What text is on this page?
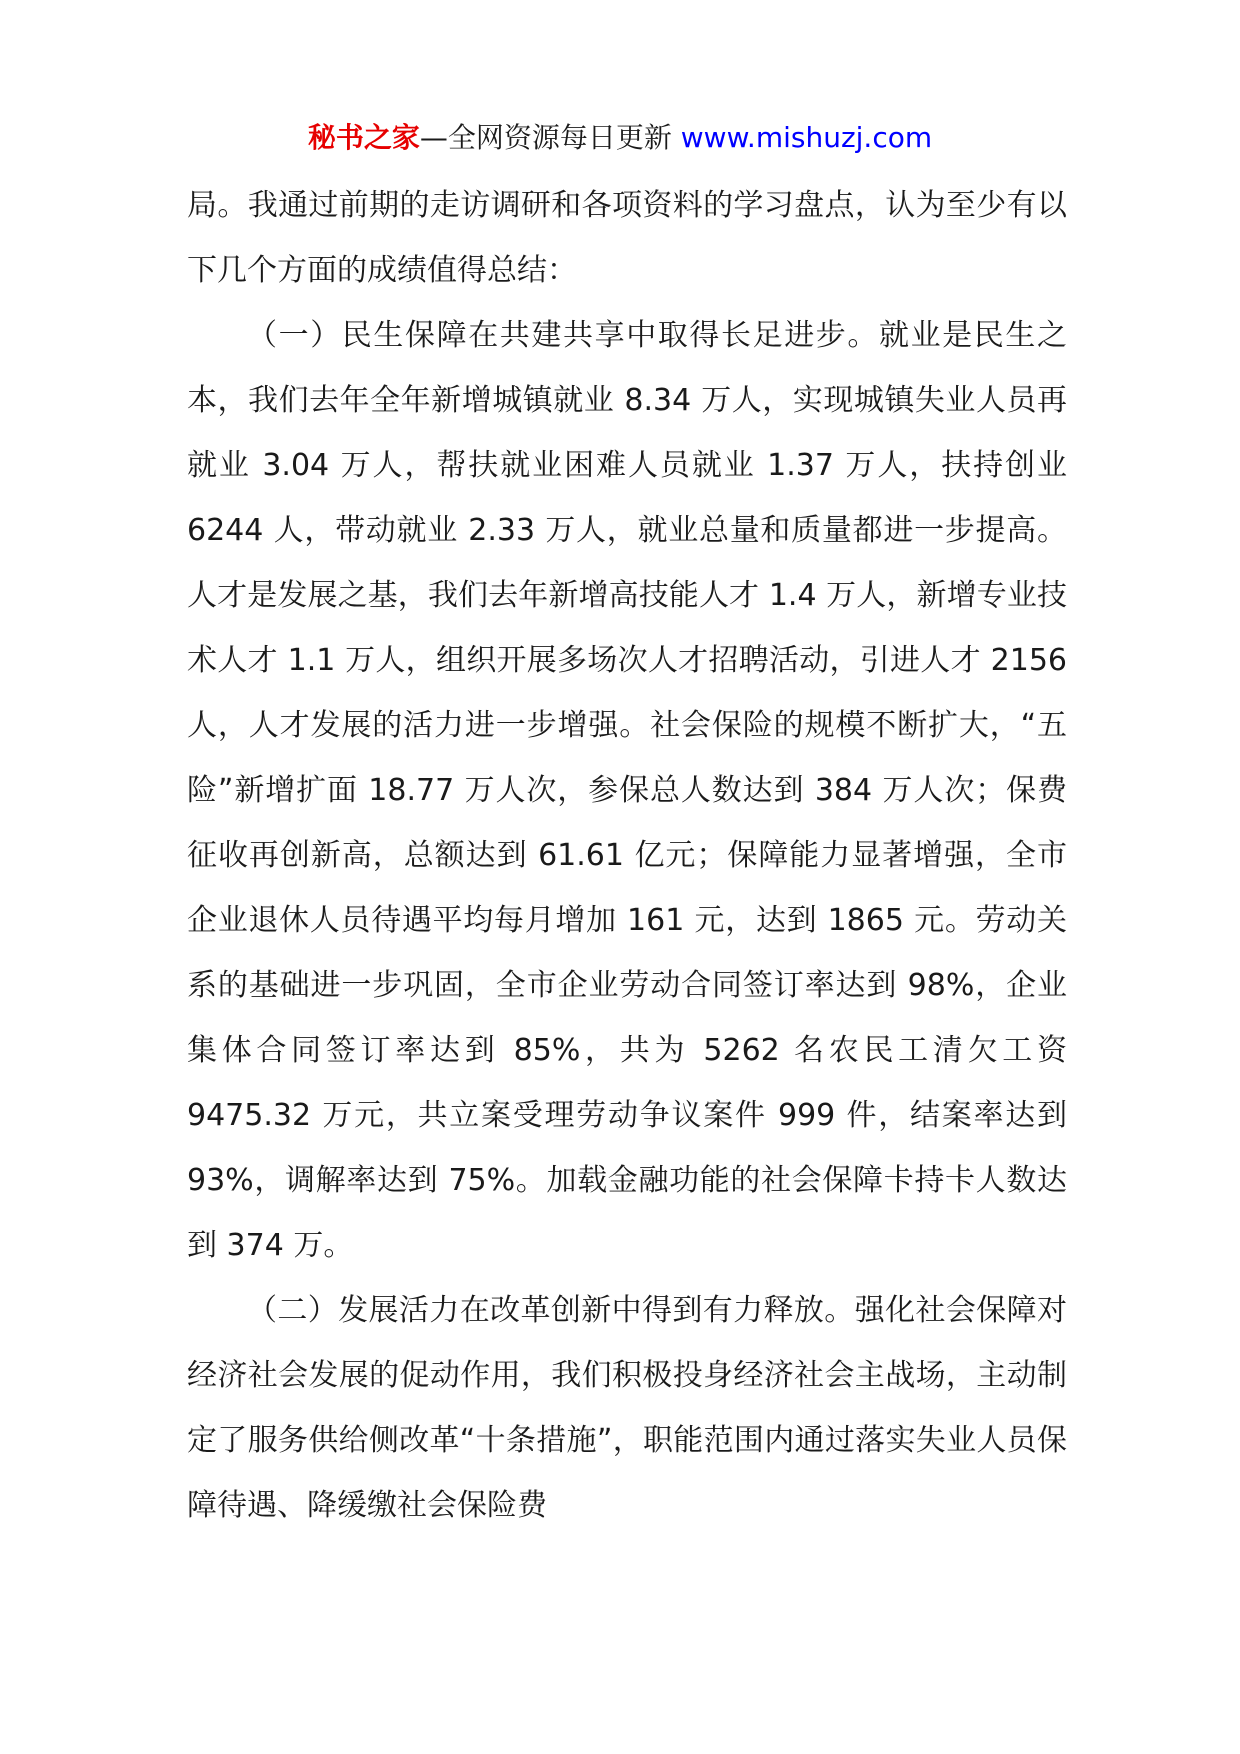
秘书之家—全网资源每日更新 www.mishuzj.com

局。我通过前期的走访调研和各项资料的学习盘点，认为至少有以下几个方面的成绩值得总结：

（一）民生保障在共建共享中取得长足进步。就业是民生之本，我们去年全年新增城镇就业 8.34 万人，实现城镇失业人员再就业 3.04 万人，帮扶就业困难人员就业 1.37 万人，扶持创业 6244 人，带动就业 2.33 万人，就业总量和质量都进一步提高。人才是发展之基，我们去年新增高技能人才 1.4 万人，新增专业技术人才 1.1 万人，组织开展多场次人才招聘活动，引进人才 2156 人，人才发展的活力进一步增强。社会保险的规模不断扩大，“五险”新增扩面 18.77 万人次，参保总人数达到 384 万人次；保费征收再创新高，总额达到 61.61 亿元；保障能力显著增强，全市企业退休人员待遇平均每月增加 161 元，达到 1865 元。劳动关系的基础进一步巩固，全市企业劳动合同签订率达到 98%，企业集体合同签订率达到 85%，共为 5262 名农民工清欠工资 9475.32 万元，共立案受理劳动争议案件 999 件，结案率达到 93%，调解率达到 75%。加载金融功能的社会保障卡持卡人数达到 374 万。

（二）发展活力在改革创新中得到有力释放。强化社会保障对经济社会发展的促动作用，我们积极投身经济社会主战场，主动制定了服务供给侧改革“十条措施”，职能范围内通过落实失业人员保障待遇、降缓缴社会保险费
